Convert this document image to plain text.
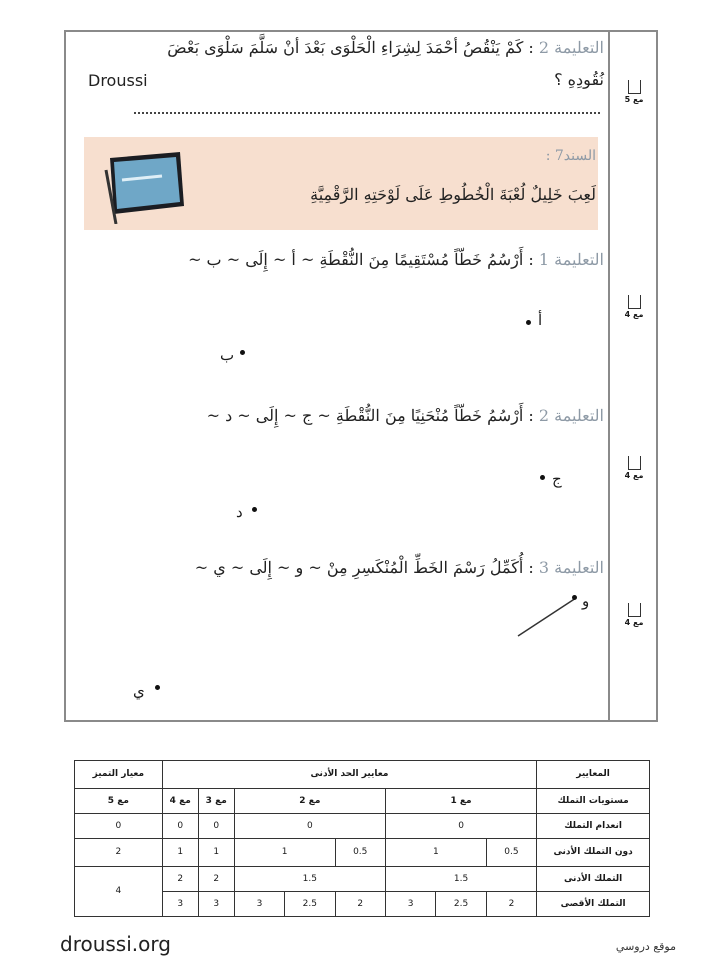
التعليمة 2 : كَمْ يَنْقُصُ أحْمَدَ لِشِرَاءِ الْحَلْوَى بَعْدَ أنْ سَلَّمَ سَلْوَى بَعْضَ
نُقُودِهِ ؟
Droussi
مع 5
السند7 :
لَعِبَ خَلِيلٌ لُعْبَةَ الْخُطُوطِ عَلَى لَوْحَتِهِ الرَّقْمِيَّةِ
التعليمة 1 : أَرْسُمُ خَطّاً مُسْتَقِيمًا مِنَ النُّقْطَةِ ~ أ ~ إِلَى ~ ب ~
مع 4
أ
ب
التعليمة 2 : أَرْسُمُ خَطّاً مُنْحَنِيًا مِنَ النُّقْطَةِ ~ ج ~ إِلَى ~ د ~
مع 4
ج
د
التعليمة 3 : أُكَمِّلُ رَسْمَ الخَطِّ الْمُنْكَسِرِ مِنْ ~ و ~ إِلَى ~ ي ~
مع 4
و
ي
المعايير	معايير الحد الأدنى								معيار التميز
مستويات التملك	مع 1			مع 2			مع 3	مع 4	مع 5
انعدام التملك	0			0			0	0	0
دون التملك الأدنى	0.5	1		0.5	1		1	1	2
التملك الأدنى	1.5			1.5			2	2	4
التملك الأقصى	2	2.5	3	2	2.5	3	3	3	
droussi.org	موقع دروسي
